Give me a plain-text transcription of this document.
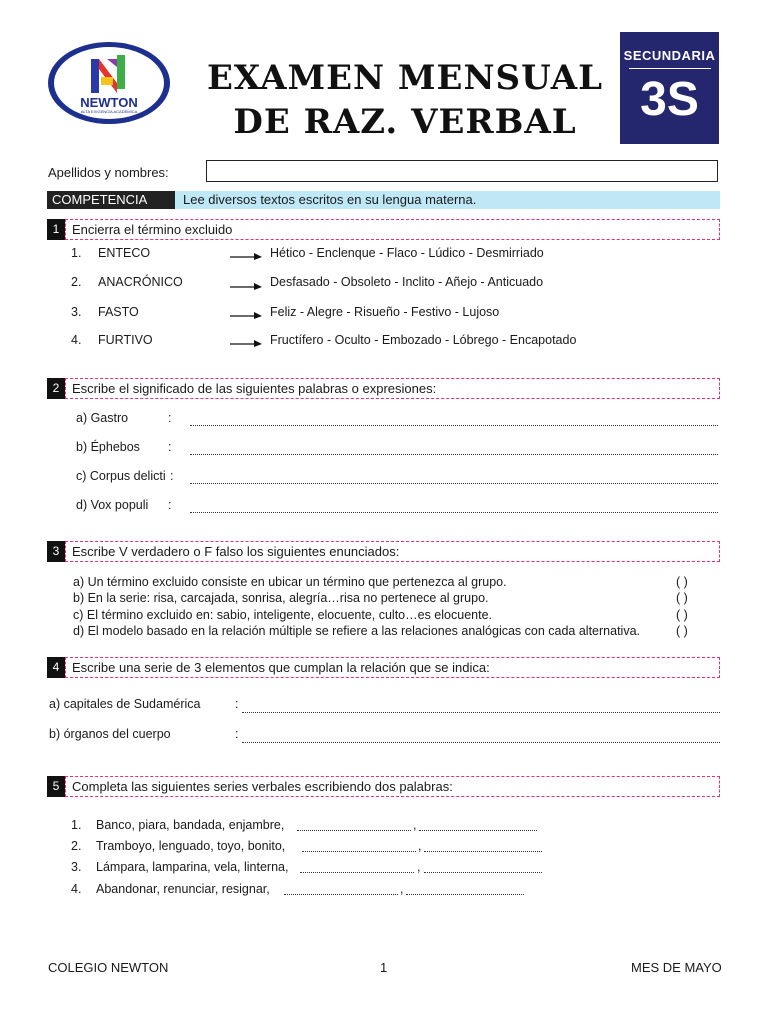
NEWTON
ALTA EXIGENCIA ACADÉMICA
EXAMEN MENSUAL
DE RAZ. VERBAL
SECUNDARIA
3S
Apellidos y nombres:
COMPETENCIA	Lee diversos textos escritos en su lengua materna.
1 Encierra el término excluido
1. ENTECO	Hético - Enclenque - Flaco - Lúdico - Desmirriado
2. ANACRÓNICO	Desfasado - Obsoleto - Inclito - Añejo - Anticuado
3. FASTO	Feliz - Alegre - Risueño - Festivo - Lujoso
4. FURTIVO	Fructífero - Oculto - Embozado - Lóbrego - Encapotado
2 Escribe el significado de las siguientes palabras o expresiones:
a) Gastro	:
b) Éphebos :
c) Corpus delicti :
d) Vox populi :
3 Escribe V verdadero o F falso los siguientes enunciados:
a) Un término excluido consiste en ubicar un término que pertenezca al grupo.	( )
b) En la serie: risa, carcajada, sonrisa, alegría…risa no pertenece al grupo.	( )
c) El término excluido en: sabio, inteligente, elocuente, culto…es elocuente.	( )
d) El modelo basado en la relación múltiple se refiere a las relaciones analógicas con cada alternativa.	( )
4 Escribe una serie de 3 elementos que cumplan la relación que se indica:
a) capitales de Sudamérica	:
b) órganos del cuerpo	:
5 Completa las siguientes series verbales escribiendo dos palabras:
1. Banco, piara, bandada, enjambre,	,
2. Tramboyo, lenguado, toyo, bonito,	,
3. Lámpara, lamparina, vela, linterna,	,
4. Abandonar, renunciar, resignar,	,
COLEGIO NEWTON	1	MES DE MAYO
